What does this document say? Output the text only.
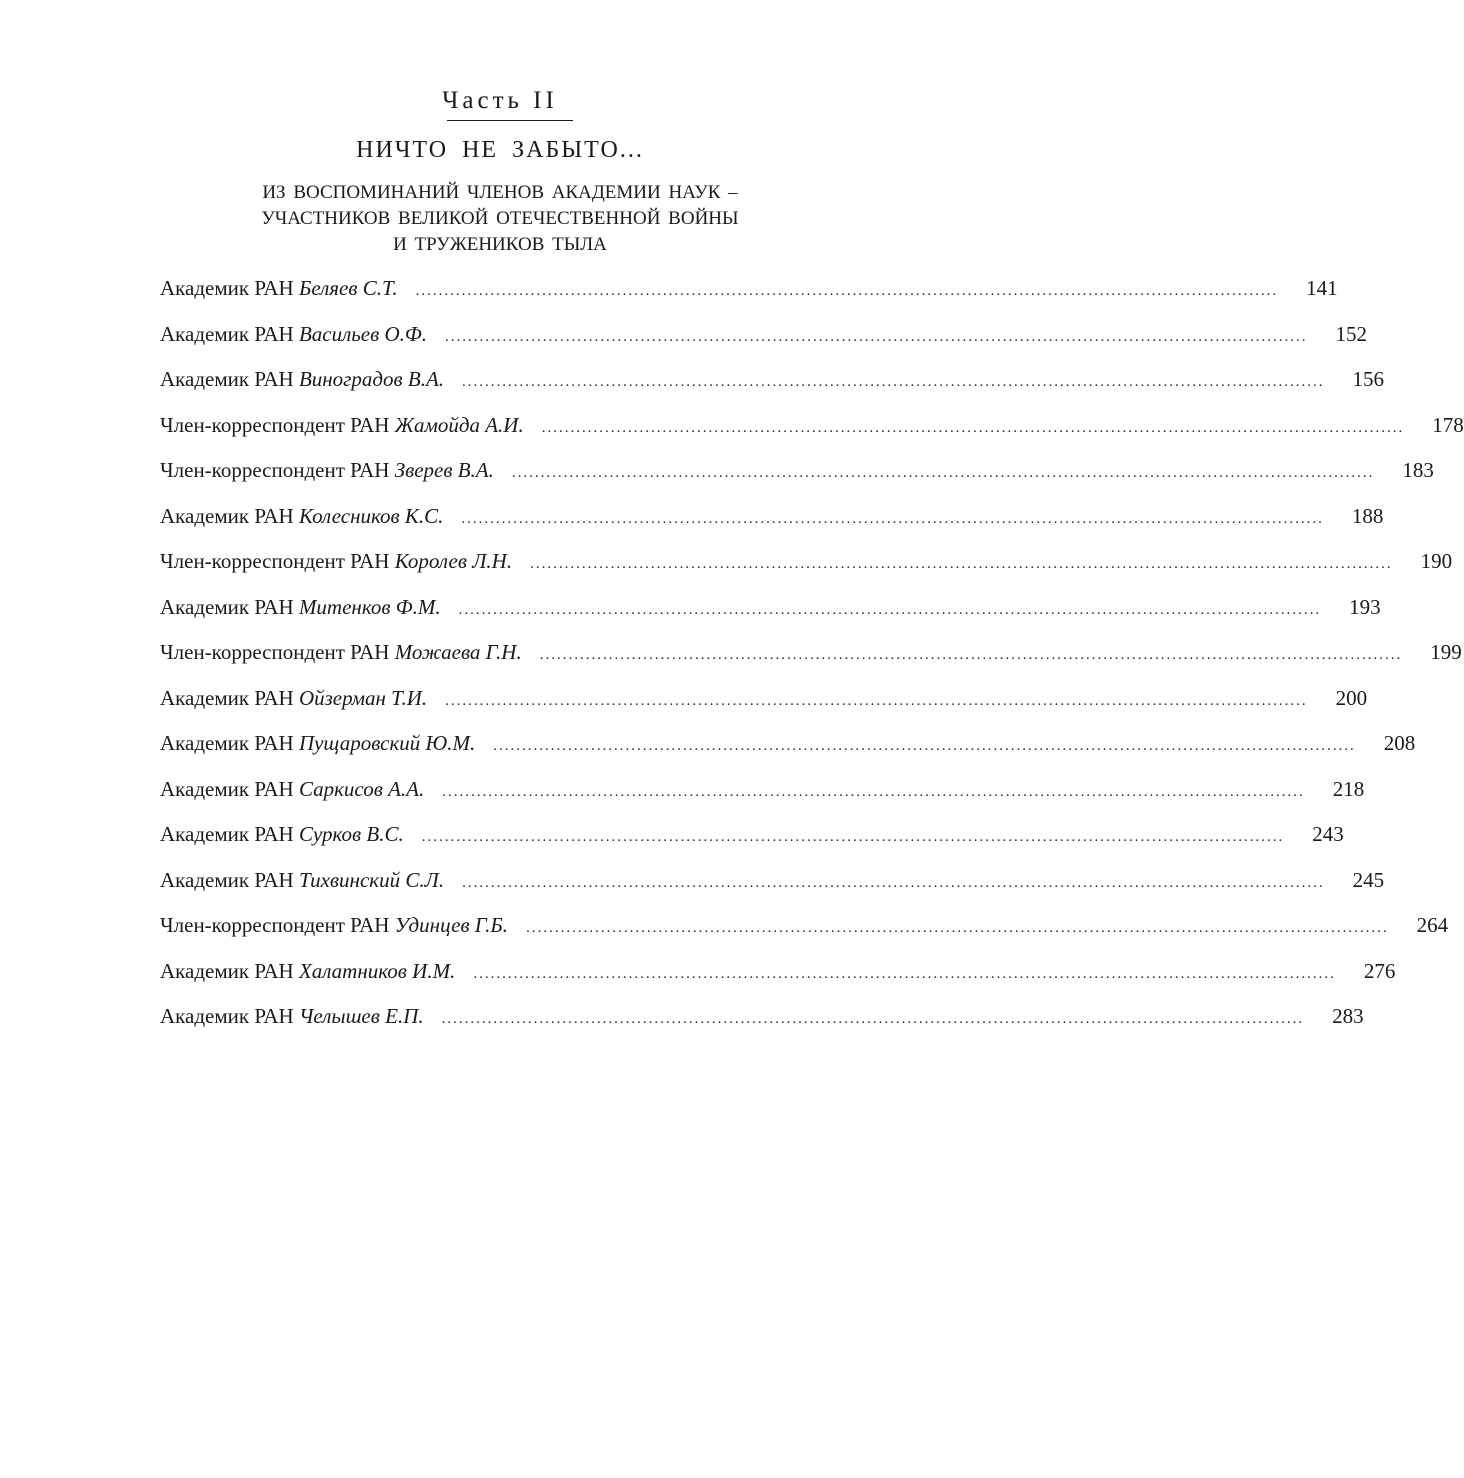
Часть II
НИЧТО НЕ ЗАБЫТО...
ИЗ ВОСПОМИНАНИЙ ЧЛЕНОВ АКАДЕМИИ НАУК –
УЧАСТНИКОВ ВЕЛИКОЙ ОТЕЧЕСТВЕННОЙ ВОЙНЫ
И ТРУЖЕНИКОВ ТЫЛА
Академик РАН Беляев С.Т. ...................................................................................................................................................... 141
Академик РАН Васильев О.Ф. ...................................................................................................................................................... 152
Академик РАН Виноградов В.А. ...................................................................................................................................................... 156
Член-корреспондент РАН Жамойда А.И. ...................................................................................................................................................... 178
Член-корреспондент РАН Зверев В.А. ...................................................................................................................................................... 183
Академик РАН Колесников К.С. ...................................................................................................................................................... 188
Член-корреспондент РАН Королев Л.Н. ...................................................................................................................................................... 190
Академик РАН Митенков Ф.М. ...................................................................................................................................................... 193
Член-корреспондент РАН Можаева Г.Н. ...................................................................................................................................................... 199
Академик РАН Ойзерман Т.И. ...................................................................................................................................................... 200
Академик РАН Пущаровский Ю.М. ...................................................................................................................................................... 208
Академик РАН Саркисов А.А. ...................................................................................................................................................... 218
Академик РАН Сурков В.С. ...................................................................................................................................................... 243
Академик РАН Тихвинский С.Л. ...................................................................................................................................................... 245
Член-корреспондент РАН Удинцев Г.Б. ...................................................................................................................................................... 264
Академик РАН Халатников И.М. ...................................................................................................................................................... 276
Академик РАН Челышев Е.П. ...................................................................................................................................................... 283
